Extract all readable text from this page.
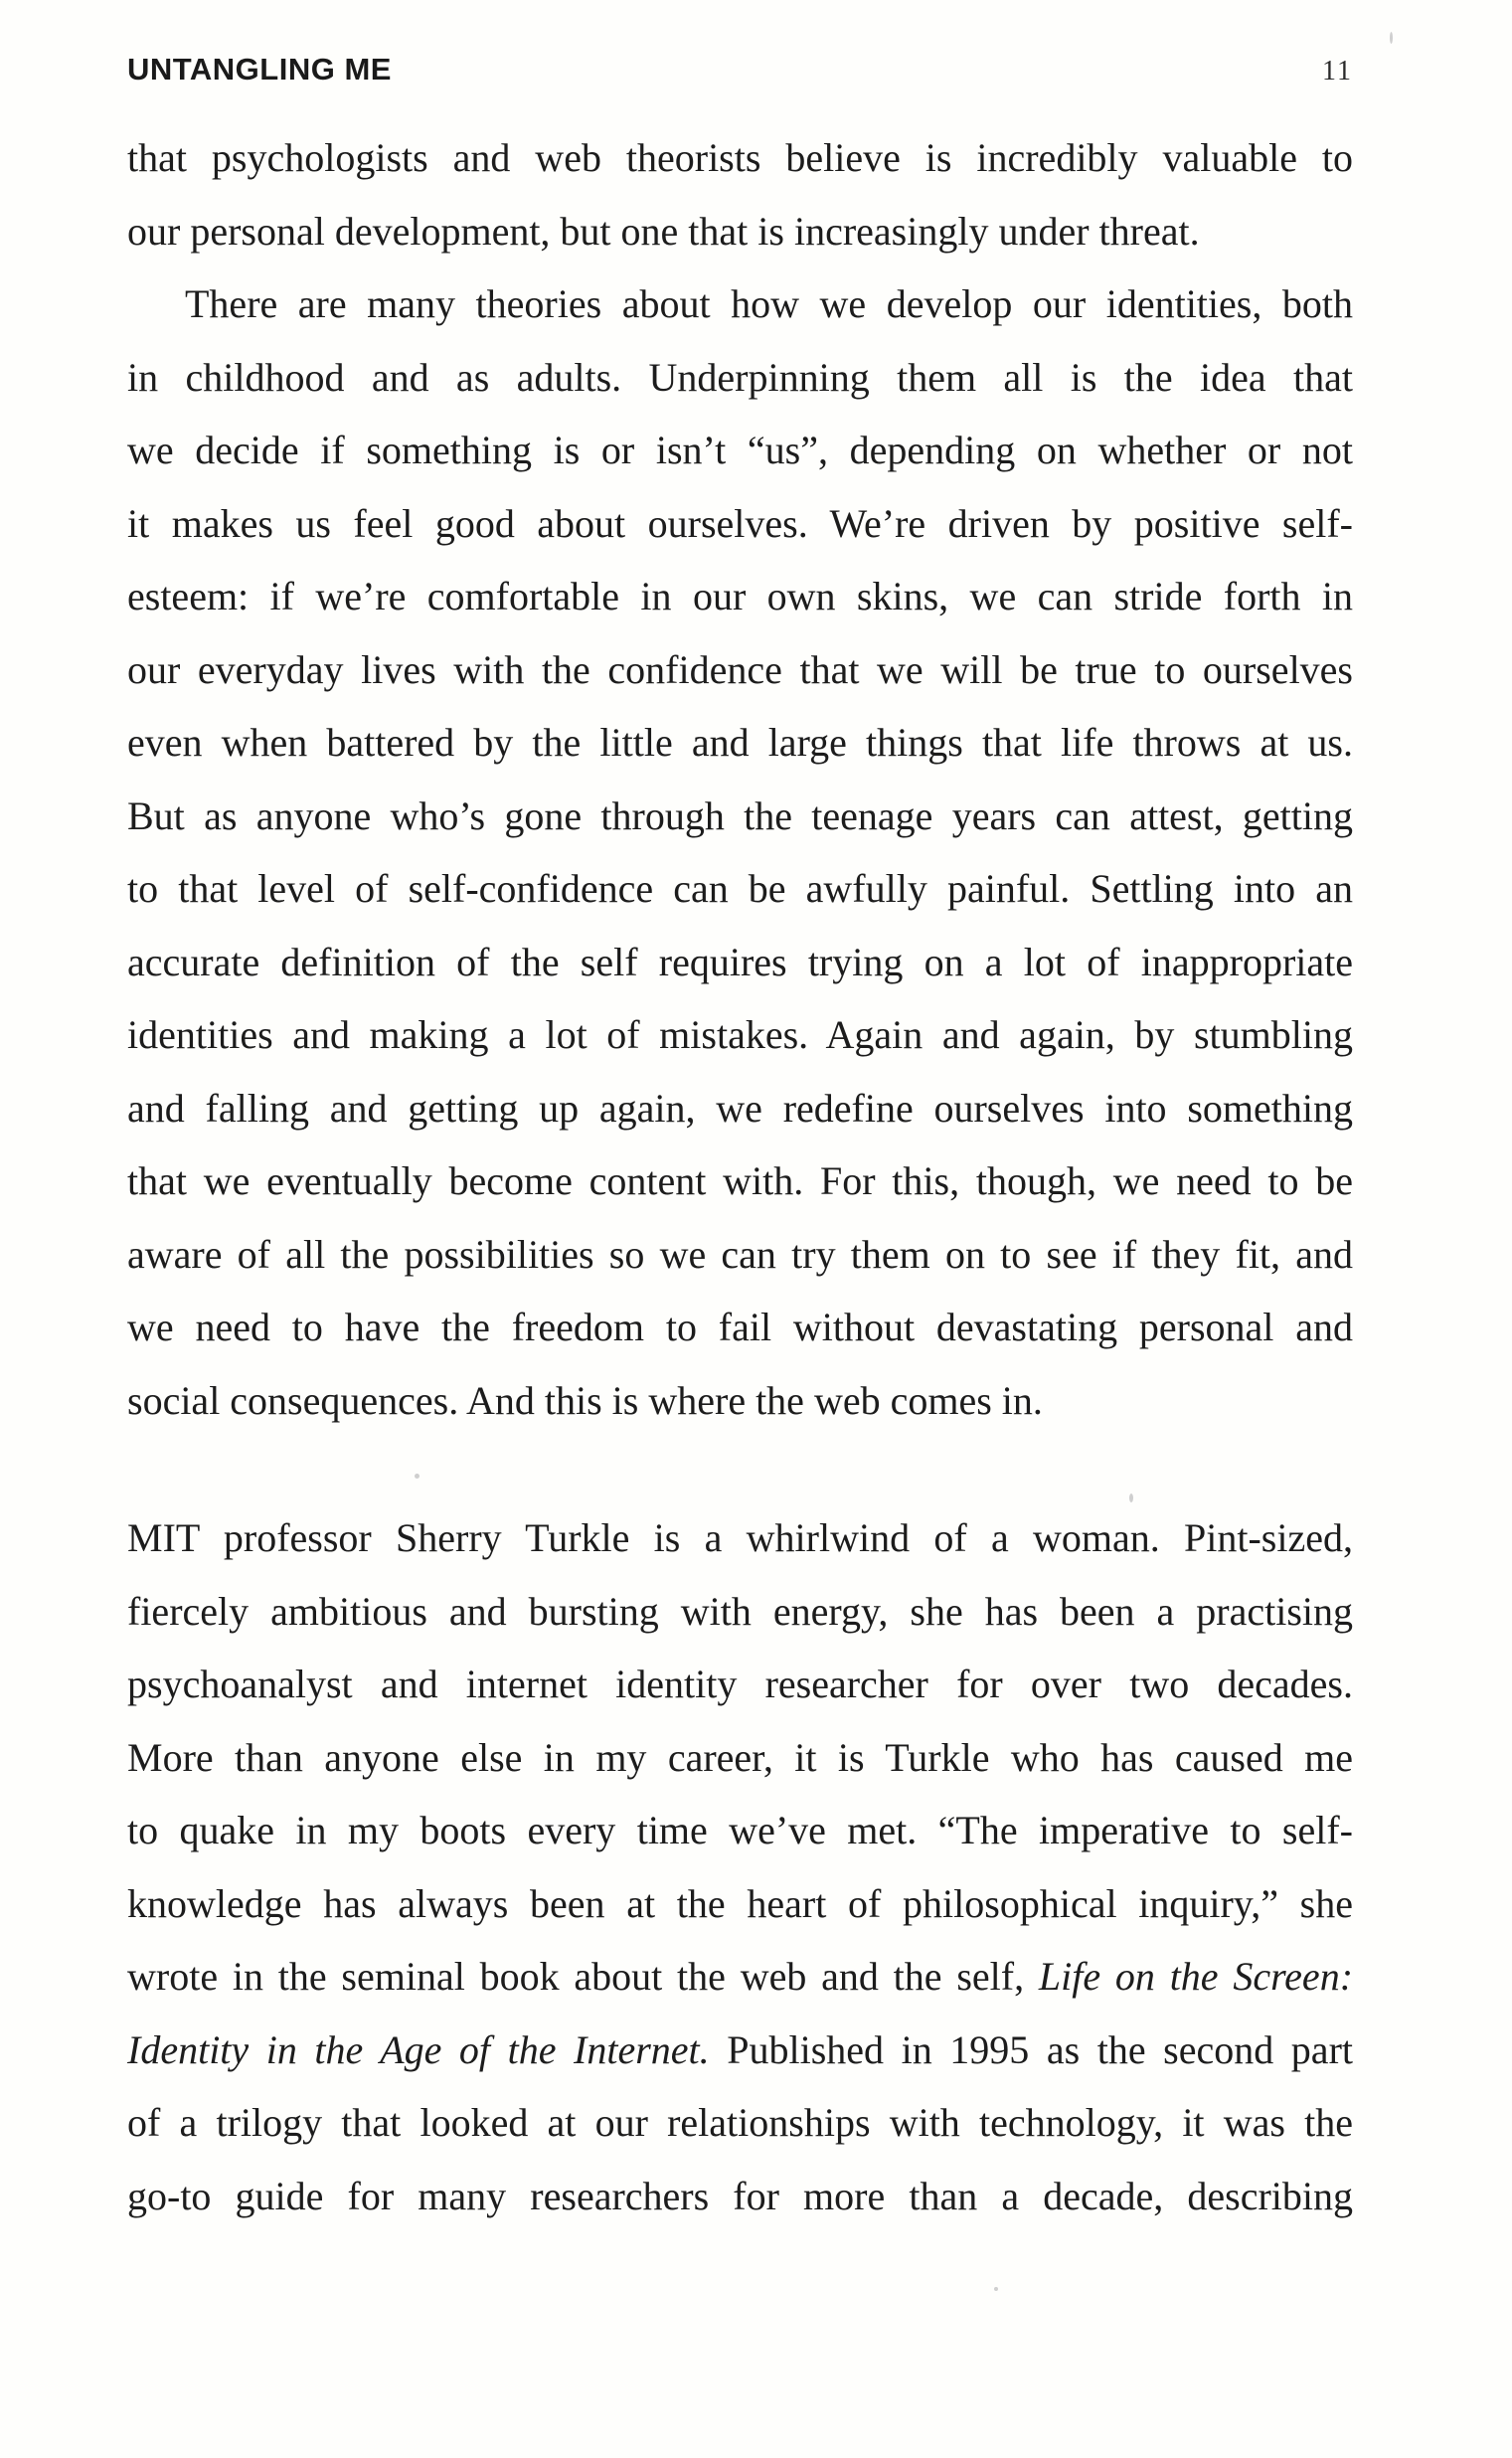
UNTANGLING ME	11
that psychologists and web theorists believe is incredibly valuable to
our personal development, but one that is increasingly under threat.
There are many theories about how we develop our identities, both
in childhood and as adults. Underpinning them all is the idea that
we decide if something is or isn’t “us”, depending on whether or not
it makes us feel good about ourselves. We’re driven by positive self-
esteem: if we’re comfortable in our own skins, we can stride forth in
our everyday lives with the confidence that we will be true to ourselves
even when battered by the little and large things that life throws at us.
But as anyone who’s gone through the teenage years can attest, getting
to that level of self-confidence can be awfully painful. Settling into an
accurate definition of the self requires trying on a lot of inappropriate
identities and making a lot of mistakes. Again and again, by stumbling
and falling and getting up again, we redefine ourselves into something
that we eventually become content with. For this, though, we need to be
aware of all the possibilities so we can try them on to see if they fit, and
we need to have the freedom to fail without devastating personal and
social consequences. And this is where the web comes in.
MIT professor Sherry Turkle is a whirlwind of a woman. Pint-sized,
fiercely ambitious and bursting with energy, she has been a practising
psychoanalyst and internet identity researcher for over two decades.
More than anyone else in my career, it is Turkle who has caused me
to quake in my boots every time we’ve met. “The imperative to self-
knowledge has always been at the heart of philosophical inquiry,” she
wrote in the seminal book about the web and the self, Life on the Screen:
Identity in the Age of the Internet. Published in 1995 as the second part
of a trilogy that looked at our relationships with technology, it was the
go-to guide for many researchers for more than a decade, describing
